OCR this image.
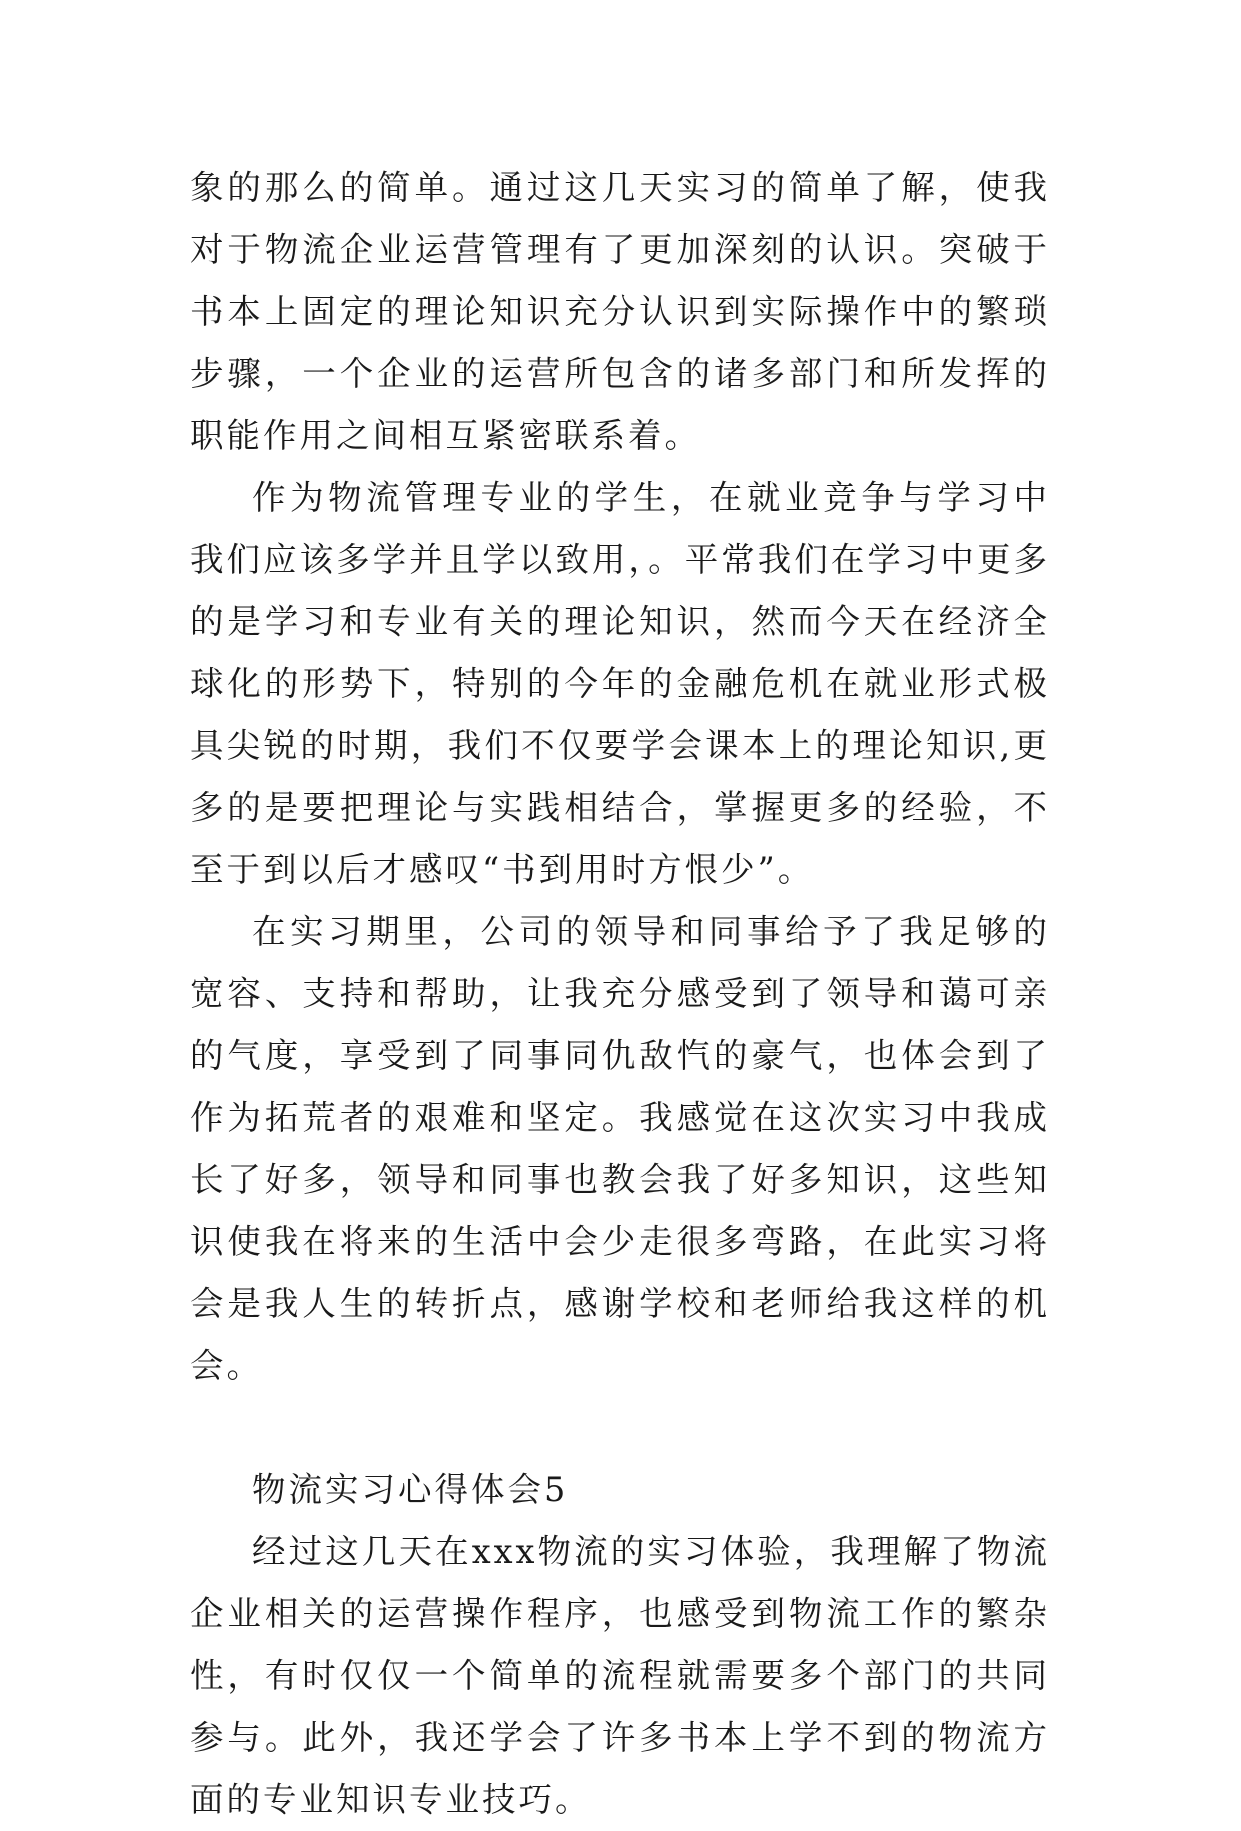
象的那么的简单。通过这几天实习的简单了解，使我对于物流企业运营管理有了更加深刻的认识。突破于书本上固定的理论知识充分认识到实际操作中的繁琐步骤，一个企业的运营所包含的诸多部门和所发挥的职能作用之间相互紧密联系着。

作为物流管理专业的学生，在就业竞争与学习中我们应该多学并且学以致用，。平常我们在学习中更多的是学习和专业有关的理论知识，然而今天在经济全球化的形势下，特别的今年的金融危机在就业形式极具尖锐的时期，我们不仅要学会课本上的理论知识,更多的是要把理论与实践相结合，掌握更多的经验，不至于到以后才感叹“书到用时方恨少”。

在实习期里，公司的领导和同事给予了我足够的宽容、支持和帮助，让我充分感受到了领导和蔼可亲的气度，享受到了同事同仇敌忾的豪气，也体会到了作为拓荒者的艰难和坚定。我感觉在这次实习中我成长了好多，领导和同事也教会我了好多知识，这些知识使我在将来的生活中会少走很多弯路，在此实习将会是我人生的转折点，感谢学校和老师给我这样的机会。

物流实习心得体会5

经过这几天在xxx物流的实习体验，我理解了物流企业相关的运营操作程序，也感受到物流工作的繁杂性，有时仅仅一个简单的流程就需要多个部门的共同参与。此外，我还学会了许多书本上学不到的物流方面的专业知识专业技巧。
